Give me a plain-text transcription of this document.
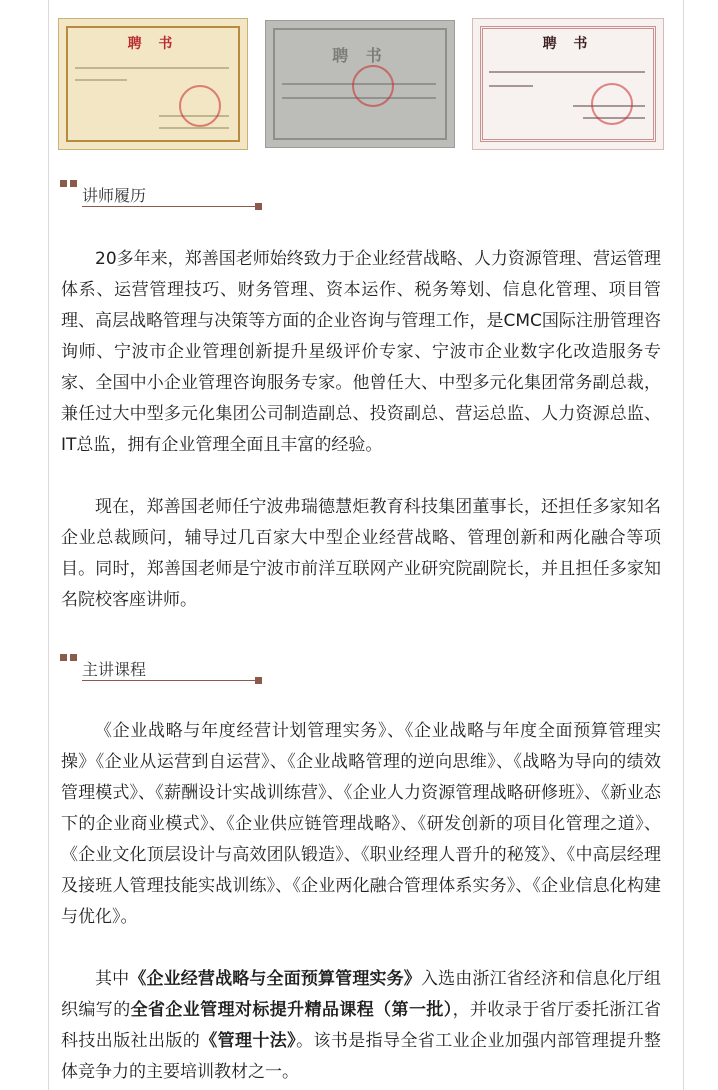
聘 书
聘 书
聘 书
讲师履历

20多年来，郑善国老师始终致力于企业经营战略、人力资源管理、营运管理体系、运营管理技巧、财务管理、资本运作、税务筹划、信息化管理、项目管理、高层战略管理与决策等方面的企业咨询与管理工作，是CMC国际注册管理咨询师、宁波市企业管理创新提升星级评价专家、宁波市企业数字化改造服务专家、全国中小企业管理咨询服务专家。他曾任大、中型多元化集团常务副总裁，兼任过大中型多元化集团公司制造副总、投资副总、营运总监、人力资源总监、IT总监，拥有企业管理全面且丰富的经验。

现在，郑善国老师任宁波弗瑞德慧炬教育科技集团董事长，还担任多家知名企业总裁顾问，辅导过几百家大中型企业经营战略、管理创新和两化融合等项目。同时，郑善国老师是宁波市前洋互联网产业研究院副院长，并且担任多家知名院校客座讲师。

主讲课程

《企业战略与年度经营计划管理实务》、《企业战略与年度全面预算管理实操》《企业从运营到自运营》、《企业战略管理的逆向思维》、《战略为导向的绩效管理模式》、《薪酬设计实战训练营》、《企业人力资源管理战略研修班》、《新业态下的企业商业模式》、《企业供应链管理战略》、《研发创新的项目化管理之道》、《企业文化顶层设计与高效团队锻造》、《职业经理人晋升的秘笈》、《中高层经理及接班人管理技能实战训练》、《企业两化融合管理体系实务》、《企业信息化构建与优化》。

其中《企业经营战略与全面预算管理实务》入选由浙江省经济和信息化厅组织编写的全省企业管理对标提升精品课程（第一批），并收录于省厅委托浙江省科技出版社出版的《管理十法》。该书是指导全省工业企业加强内部管理提升整体竞争力的主要培训教材之一。
